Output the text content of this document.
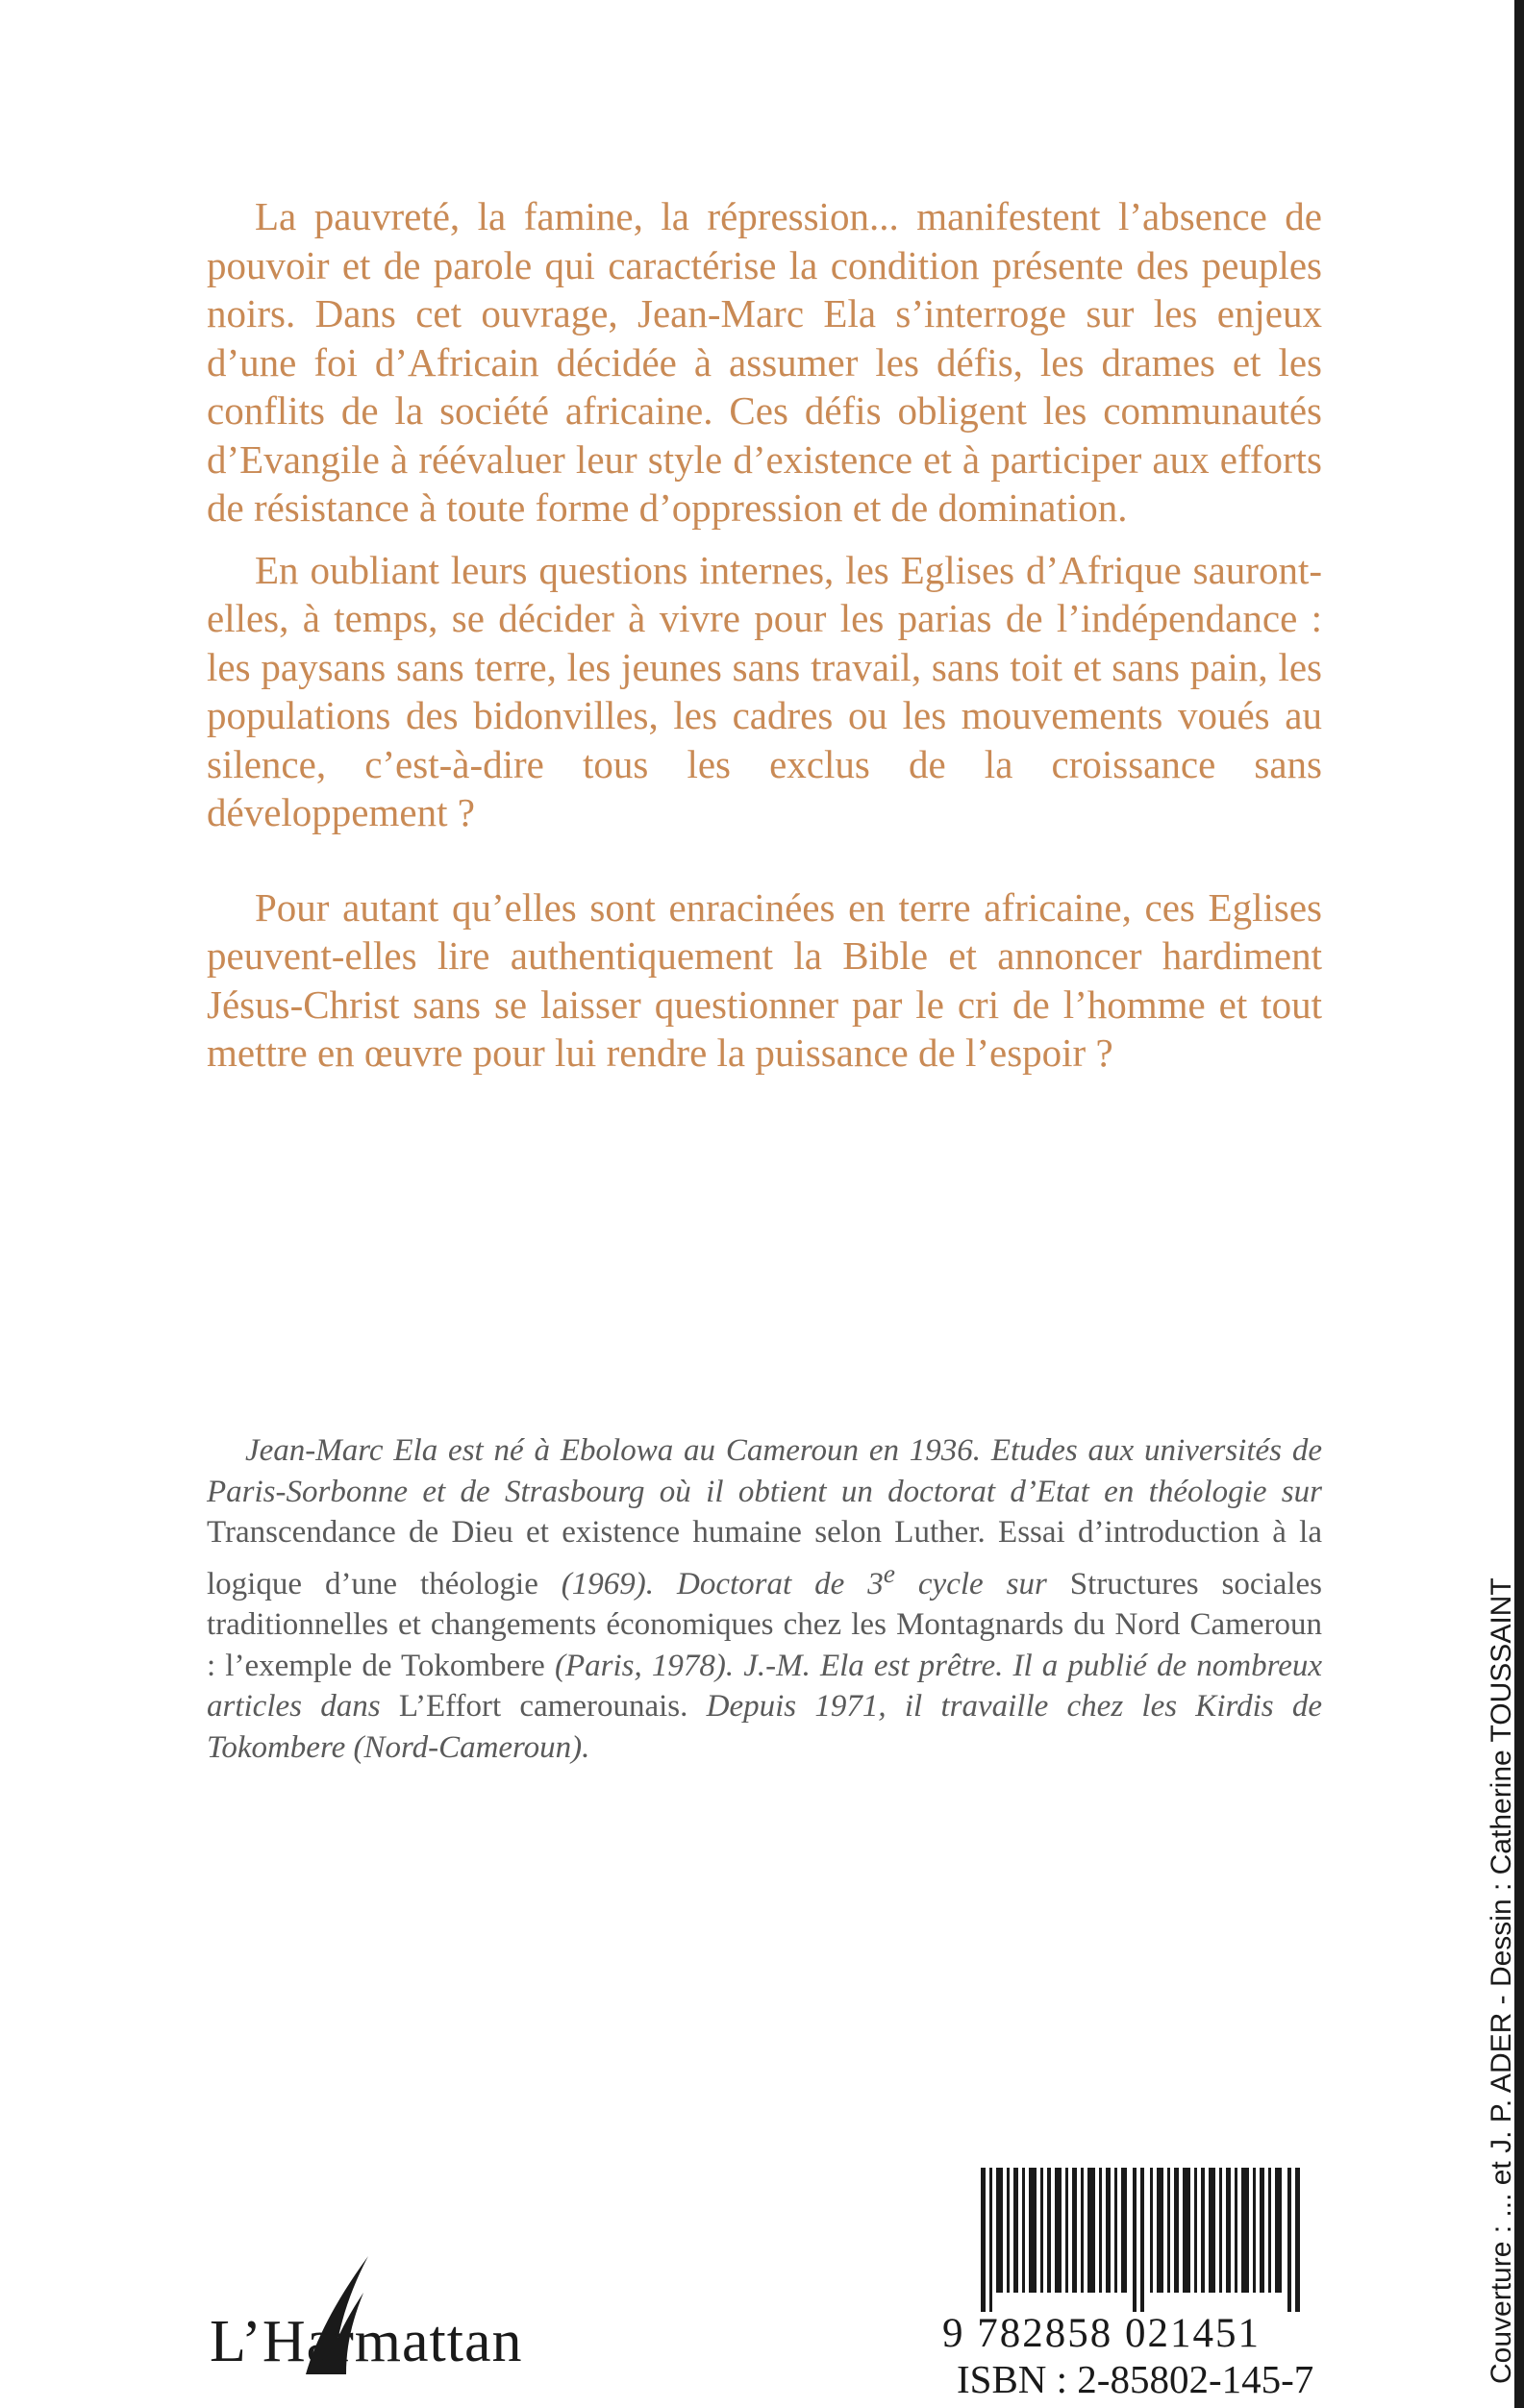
La pauvreté, la famine, la répression... manifestent l’absence de pouvoir et de parole qui caractérise la condition présente des peuples noirs. Dans cet ouvrage, Jean-Marc Ela s’interroge sur les enjeux d’une foi d’Africain décidée à assumer les défis, les drames et les conflits de la société africaine. Ces défis obligent les communautés d’Evangile à réévaluer leur style d’existence et à participer aux efforts de résistance à toute forme d’oppression et de domination.

En oubliant leurs questions internes, les Eglises d’Afrique sauront-elles, à temps, se décider à vivre pour les parias de l’indépendance : les paysans sans terre, les jeunes sans travail, sans toit et sans pain, les populations des bidonvilles, les cadres ou les mouvements voués au silence, c’est-à-dire tous les exclus de la croissance sans développement ?

Pour autant qu’elles sont enracinées en terre africaine, ces Eglises peuvent-elles lire authentiquement la Bible et annoncer hardiment Jésus-Christ sans se laisser questionner par le cri de l’homme et tout mettre en œuvre pour lui rendre la puissance de l’espoir ?

Jean-Marc Ela est né à Ebolowa au Cameroun en 1936. Etudes aux universités de Paris-Sorbonne et de Strasbourg où il obtient un doctorat d’Etat en théologie sur Transcendance de Dieu et existence humaine selon Luther. Essai d’introduction à la logique d’une théologie (1969). Doctorat de 3e cycle sur Structures sociales traditionnelles et changements économiques chez les Montagnards du Nord Cameroun : l’exemple de Tokombere (Paris, 1978). J.-M. Ela est prêtre. Il a publié de nombreux articles dans L’Effort camerounais. Depuis 1971, il travaille chez les Kirdis de Tokombere (Nord-Cameroun).

L’Harmattan	9 782858 021451
ISBN : 2-85802-145-7	Couverture : ... et J. P. ADER - Dessin : Catherine TOUSSAINT
